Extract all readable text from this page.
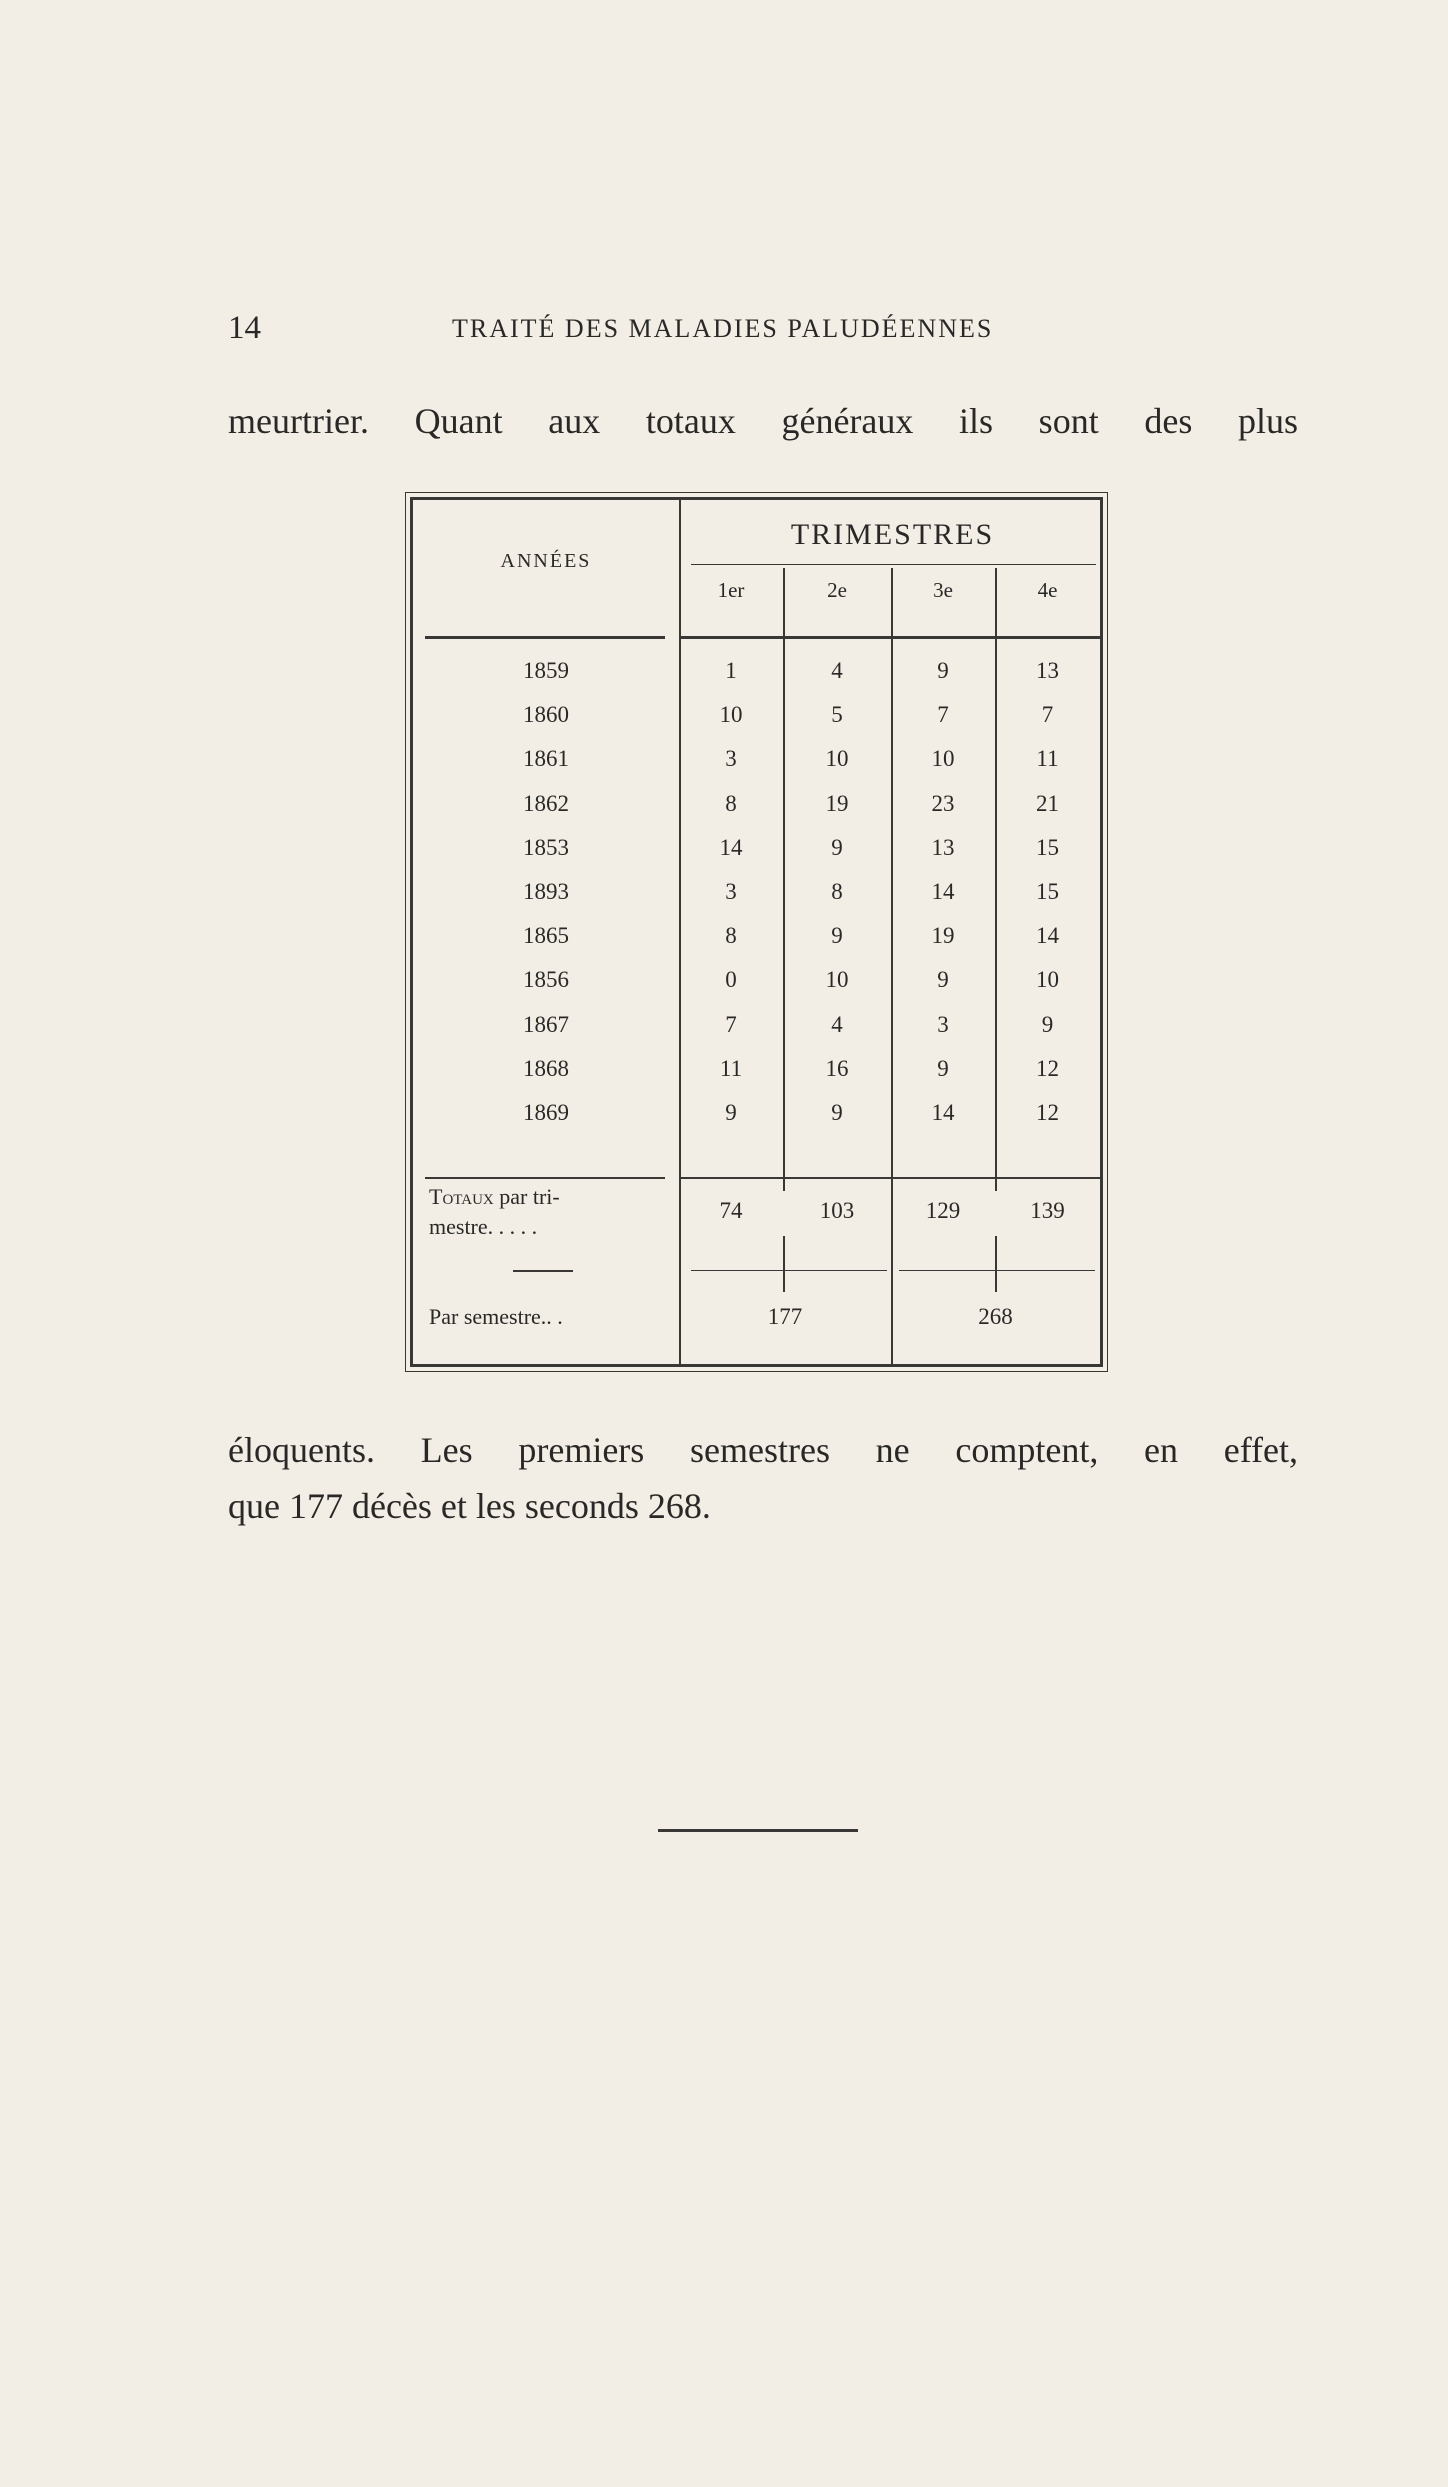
14	TRAITÉ DES MALADIES PALUDÉENNES

meurtrier. Quant aux totaux généraux ils sont des plus

ANNÉES
TRIMESTRES
1er	2e	3e	4e
1859	1	4	9	13
1860	10	5	7	7
1861	3	10	10	11
1862	8	19	23	21
1853	14	9	13	15
1893	3	8	14	15
1865	8	9	19	14
1856	0	10	9	10
1867	7	4	3	9
1868	11	16	9	12
1869	9	9	14	12
Totaux par tri-
mestre. . . . .
74	103	129	139
Par semestre.. .	177	268

éloquents. Les premiers semestres ne comptent, en effet,
que 177 décès et les seconds 268.
